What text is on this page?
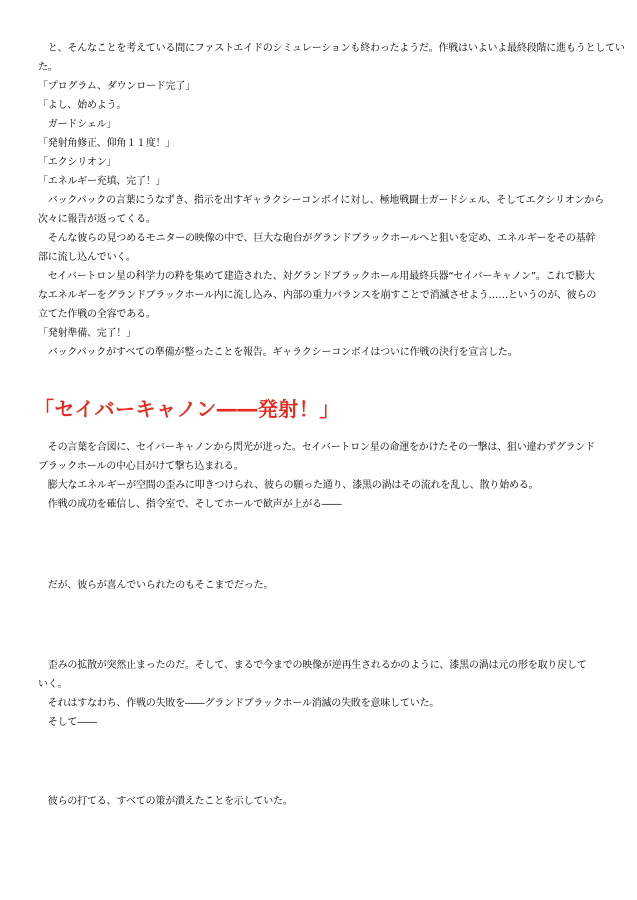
　と、そんなことを考えている間にファストエイドのシミュレーションも終わったようだ。作戦はいよいよ最終段階に進もうとしてい
た。
「プログラム、ダウンロード完了」
「よし、始めよう。
　ガードシェル」
「発射角修正、仰角１１度！」
「エクシリオン」
「エネルギー充填、完了！」
　バックパックの言葉にうなずき、指示を出すギャラクシーコンボイに対し、極地戦闘士ガードシェル、そしてエクシリオンから
次々に報告が返ってくる。
　そんな彼らの見つめるモニターの映像の中で、巨大な砲台がグランドブラックホールへと狙いを定め、エネルギーをその基幹
部に流し込んでいく。
　セイバートロン星の科学力の粋を集めて建造された、対グランドブラックホール用最終兵器“セイバーキャノン”。これで膨大
なエネルギーをグランドブラックホール内に流し込み、内部の重力バランスを崩すことで消滅させよう……というのが、彼らの
立てた作戦の全容である。
「発射準備、完了！」
　バックパックがすべての準備が整ったことを報告。ギャラクシーコンボイはついに作戦の決行を宣言した。
「セイバーキャノン――発射！」
　その言葉を合図に、セイバーキャノンから閃光が迸った。セイバートロン星の命運をかけたその一撃は、狙い違わずグランド
ブラックホールの中心目がけて撃ち込まれる。
　膨大なエネルギーが空間の歪みに叩きつけられ、彼らの願った通り、漆黒の渦はその流れを乱し、散り始める。
　作戦の成功を確信し、指令室で、そしてホールで歓声が上がる――
　だが、彼らが喜んでいられたのもそこまでだった。
　歪みの拡散が突然止まったのだ。そして、まるで今までの映像が逆再生されるかのように、漆黒の渦は元の形を取り戻して
いく。
　それはすなわち、作戦の失敗を――グランドブラックホール消滅の失敗を意味していた。
　そして――
　彼らの打てる、すべての策が潰えたことを示していた。
